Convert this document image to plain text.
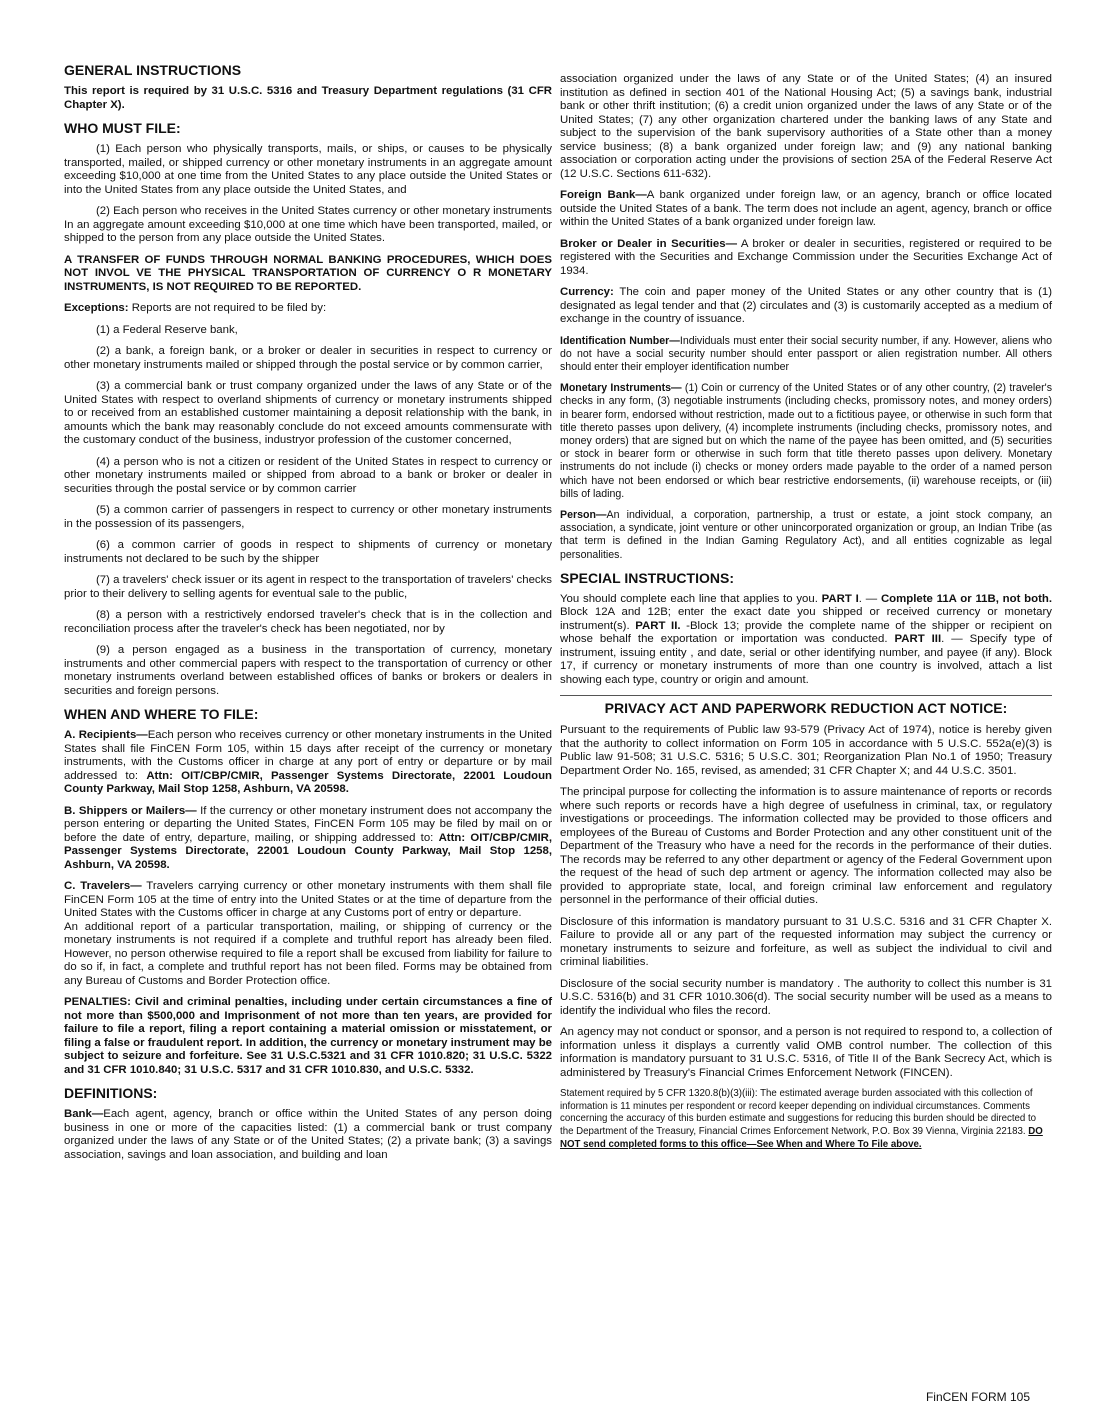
GENERAL INSTRUCTIONS

This report is required by 31 U.S.C. 5316 and Treasury Department regulations (31 CFR Chapter X).

WHO MUST FILE:

(1) Each person who physically transports, mails, or ships, or causes to be physically transported, mailed, or shipped currency or other monetary instruments in an aggregate amount exceeding $10,000 at one time from the United States to any place outside the United States or into the United States from any place outside the United States, and

(2) Each person who receives in the United States currency or other monetary instruments In an aggregate amount exceeding $10,000 at one time which have been transported, mailed, or shipped to the person from any place outside the United States.

A TRANSFER OF FUNDS THROUGH NORMAL BANKING PROCEDURES, WHICH DOES NOT INVOL VE THE PHYSICAL TRANSPORTATION OF CURRENCY O R MONETARY INSTRUMENTS, IS NOT REQUIRED TO BE REPORTED.

Exceptions: Reports are not required to be filed by:

(1) a Federal Reserve bank,

(2) a bank, a foreign bank, or a broker or dealer in securities in respect to currency or other monetary instruments mailed or shipped through the postal service or by common carrier,

(3) a commercial bank or trust company organized under the laws of any State or of the United States with respect to overland shipments of currency or monetary instruments shipped to or received from an established customer maintaining a deposit relationship with the bank, in amounts which the bank may reasonably conclude do not exceed amounts commensurate with the customary conduct of the business, industryor profession of the customer concerned,

(4) a person who is not a citizen or resident of the United States in respect to currency or other monetary instruments mailed or shipped from abroad to a bank or broker or dealer in securities through the postal service or by common carrier

(5) a common carrier of passengers in respect to currency or other monetary instruments in the possession of its passengers,

(6) a common carrier of goods in respect to shipments of currency or monetary instruments not declared to be such by the shipper

(7) a travelers' check issuer or its agent in respect to the transportation of travelers' checks prior to their delivery to selling agents for eventual sale to the public,

(8) a person with a restrictively endorsed traveler's check that is in the collection and reconciliation process after the traveler's check has been negotiated, nor by

(9) a person engaged as a business in the transportation of currency, monetary instruments and other commercial papers with respect to the transportation of currency or other monetary instruments overland between established offices of banks or brokers or dealers in securities and foreign persons.

WHEN AND WHERE TO FILE:

A. Recipients—Each person who receives currency or other monetary instruments in the United States shall file FinCEN Form 105, within 15 days after receipt of the currency or monetary instruments, with the Customs officer in charge at any port of entry or departure or by mail addressed to: Attn: OIT/CBP/CMIR, Passenger Systems Directorate, 22001 Loudoun County Parkway, Mail Stop 1258, Ashburn, VA 20598.

B. Shippers or Mailers— If the currency or other monetary instrument does not accompany the person entering or departing the United States, FinCEN Form 105 may be filed by mail on or before the date of entry, departure, mailing, or shipping addressed to: Attn: OIT/CBP/CMIR, Passenger Systems Directorate, 22001 Loudoun County Parkway, Mail Stop 1258, Ashburn, VA 20598.

C. Travelers— Travelers carrying currency or other monetary instruments with them shall file FinCEN Form 105 at the time of entry into the United States or at the time of departure from the United States with the Customs officer in charge at any Customs port of entry or departure.

An additional report of a particular transportation, mailing, or shipping of currency or the monetary instruments is not required if a complete and truthful report has already been filed. However, no person otherwise required to file a report shall be excused from liability for failure to do so if, in fact, a complete and truthful report has not been filed. Forms may be obtained from any Bureau of Customs and Border Protection office.

PENALTIES: Civil and criminal penalties, including under certain circumstances a fine of not more than $500,000 and Imprisonment of not more than ten years, are provided for failure to file a report, filing a report containing a material omission or misstatement, or filing a false or fraudulent report. In addition, the currency or monetary instrument may be subject to seizure and forfeiture. See 31 U.S.C.5321 and 31 CFR 1010.820; 31 U.S.C. 5322 and 31 CFR 1010.840; 31 U.S.C. 5317 and 31 CFR 1010.830, and U.S.C. 5332.

DEFINITIONS:

Bank—Each agent, agency, branch or office within the United States of any person doing business in one or more of the capacities listed: (1) a commercial bank or trust company organized under the laws of any State or of the United States; (2) a private bank; (3) a savings association, savings and loan association, and building and loan

association organized under the laws of any State or of the United States; (4) an insured institution as defined in section 401 of the National Housing Act; (5) a savings bank, industrial bank or other thrift institution; (6) a credit union organized under the laws of any State or of the United States; (7) any other organization chartered under the banking laws of any State and subject to the supervision of the bank supervisory authorities of a State other than a money service business; (8) a bank organized under foreign law; and (9) any national banking association or corporation acting under the provisions of section 25A of the Federal Reserve Act (12 U.S.C. Sections 611-632).

Foreign Bank—A bank organized under foreign law, or an agency, branch or office located outside the United States of a bank. The term does not include an agent, agency, branch or office within the United States of a bank organized under foreign law.

Broker or Dealer in Securities— A broker or dealer in securities, registered or required to be registered with the Securities and Exchange Commission under the Securities Exchange Act of 1934.

Currency: The coin and paper money of the United States or any other country that is (1) designated as legal tender and that (2) circulates and (3) is customarily accepted as a medium of exchange in the country of issuance.

Identification Number—Individuals must enter their social security number, if any. However, aliens who do not have a social security number should enter passport or alien registration number. All others should enter their employer identification number

Monetary Instruments— (1) Coin or currency of the United States or of any other country, (2) traveler's checks in any form, (3) negotiable instruments (including checks, promissory notes, and money orders) in bearer form, endorsed without restriction, made out to a fictitious payee, or otherwise in such form that title thereto passes upon delivery, (4) incomplete instruments (including checks, promissory notes, and money orders) that are signed but on which the name of the payee has been omitted, and (5) securities or stock in bearer form or otherwise in such form that title thereto passes upon delivery. Monetary instruments do not include (i) checks or money orders made payable to the order of a named person which have not been endorsed or which bear restrictive endorsements, (ii) warehouse receipts, or (iii) bills of lading.

Person—An individual, a corporation, partnership, a trust or estate, a joint stock company, an association, a syndicate, joint venture or other unincorporated organization or group, an Indian Tribe (as that term is defined in the Indian Gaming Regulatory Act), and all entities cognizable as legal personalities.

SPECIAL INSTRUCTIONS:

You should complete each line that applies to you. PART I. — Complete 11A or 11B, not both. Block 12A and 12B; enter the exact date you shipped or received currency or monetary instrument(s). PART II. -Block 13; provide the complete name of the shipper or recipient on whose behalf the exportation or importation was conducted. PART III. — Specify type of instrument, issuing entity , and date, serial or other identifying number, and payee (if any). Block 17, if currency or monetary instruments of more than one country is involved, attach a list showing each type, country or origin and amount.

PRIVACY ACT AND PAPERWORK REDUCTION ACT NOTICE:

Pursuant to the requirements of Public law 93-579 (Privacy Act of 1974), notice is hereby given that the authority to collect information on Form 105 in accordance with 5 U.S.C. 552a(e)(3) is Public law 91-508; 31 U.S.C. 5316; 5 U.S.C. 301; Reorganization Plan No.1 of 1950; Treasury Department Order No. 165, revised, as amended; 31 CFR Chapter X; and 44 U.S.C. 3501.

The principal purpose for collecting the information is to assure maintenance of reports or records where such reports or records have a high degree of usefulness in criminal, tax, or regulatory investigations or proceedings. The information collected may be provided to those officers and employees of the Bureau of Customs and Border Protection and any other constituent unit of the Department of the Treasury who have a need for the records in the performance of their duties. The records may be referred to any other department or agency of the Federal Government upon the request of the head of such dep artment or agency. The information collected may also be provided to appropriate state, local, and foreign criminal law enforcement and regulatory personnel in the performance of their official duties.

Disclosure of this information is mandatory pursuant to 31 U.S.C. 5316 and 31 CFR Chapter X. Failure to provide all or any part of the requested information may subject the currency or monetary instruments to seizure and forfeiture, as well as subject the individual to civil and criminal liabilities.

Disclosure of the social security number is mandatory . The authority to collect this number is 31 U.S.C. 5316(b) and 31 CFR 1010.306(d). The social security number will be used as a means to identify the individual who files the record.

An agency may not conduct or sponsor, and a person is not required to respond to, a collection of information unless it displays a currently valid OMB control number. The collection of this information is mandatory pursuant to 31 U.S.C. 5316, of Title II of the Bank Secrecy Act, which is administered by Treasury's Financial Crimes Enforcement Network (FINCEN).

Statement required by 5 CFR 1320.8(b)(3)(iii): The estimated average burden associated with this collection of information is 11 minutes per respondent or record keeper depending on individual circumstances. Comments concerning the accuracy of this burden estimate and suggestions for reducing this burden should be directed to the Department of the Treasury, Financial Crimes Enforcement Network, P.O. Box 39 Vienna, Virginia 22183. DO NOT send completed forms to this office—See When and Where To File above.

FinCEN FORM 105
